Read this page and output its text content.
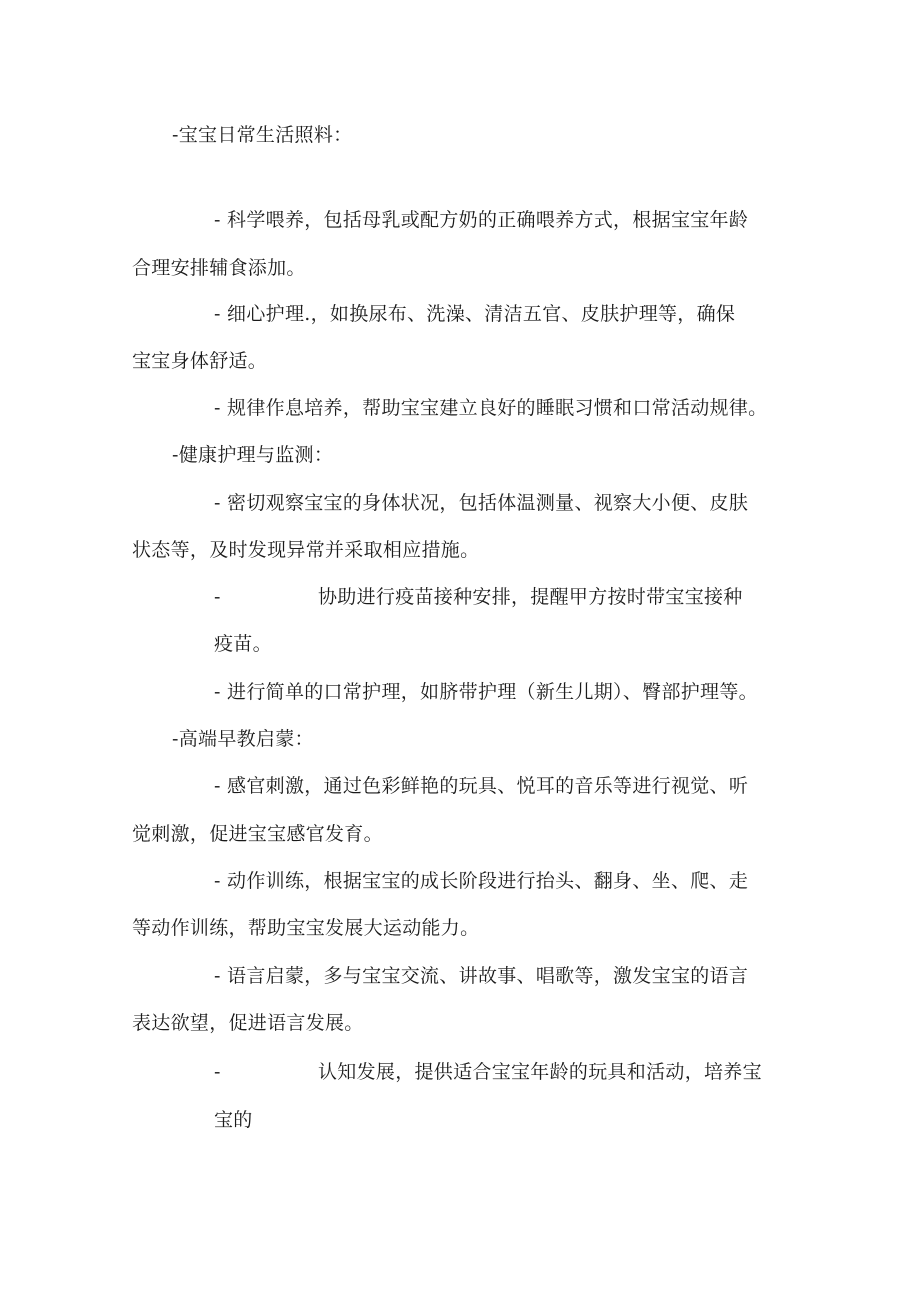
-宝宝日常生活照料：
- 科学喂养，包括母乳或配方奶的正确喂养方式，根据宝宝年龄
合理安排辅食添加。
- 细心护理.，如换尿布、洗澡、清洁五官、皮肤护理等，确保
宝宝身体舒适。
- 规律作息培养，帮助宝宝建立良好的睡眠习惯和口常活动规律。
-健康护理与监测：
- 密切观察宝宝的身体状况，包括体温测量、视察大小便、皮肤
状态等，及时发现异常并采取相应措施。
-	协助进行疫苗接种安排，提醒甲方按时带宝宝接种
疫苗。
- 进行简单的口常护理，如脐带护理（新生儿期）、臀部护理等。
-高端早教启蒙：
- 感官刺激，通过色彩鲜艳的玩具、悦耳的音乐等进行视觉、听
觉刺激，促进宝宝感官发育。
- 动作训练，根据宝宝的成长阶段进行抬头、翻身、坐、爬、走
等动作训练，帮助宝宝发展大运动能力。
- 语言启蒙，多与宝宝交流、讲故事、唱歌等，激发宝宝的语言
表达欲望，促进语言发展。
-	认知发展，提供适合宝宝年龄的玩具和活动，培养宝
宝的
